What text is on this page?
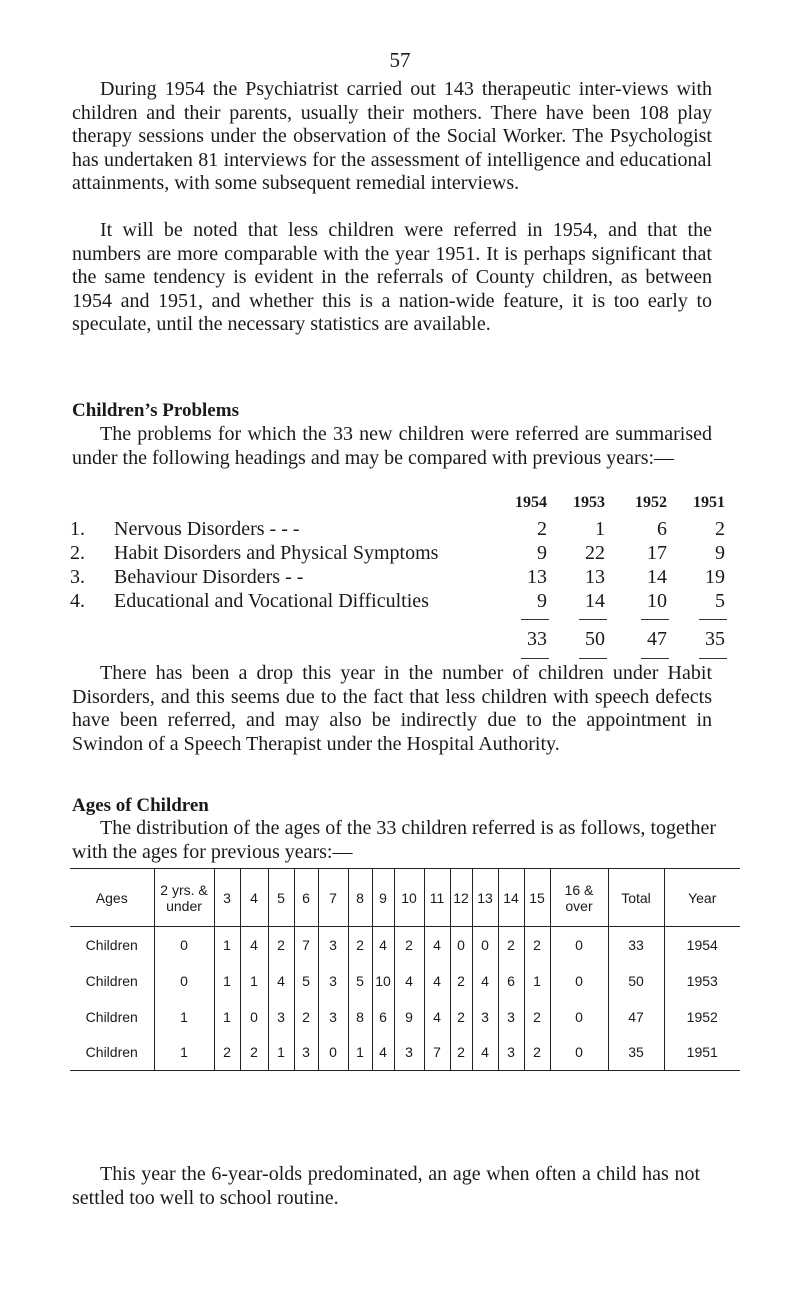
57

During 1954 the Psychiatrist carried out 143 therapeutic inter-views with children and their parents, usually their mothers. There have been 108 play therapy sessions under the observation of the Social Worker. The Psychologist has undertaken 81 interviews for the assessment of intelligence and educational attainments, with some subsequent remedial interviews.

It will be noted that less children were referred in 1954, and that the numbers are more comparable with the year 1951. It is perhaps significant that the same tendency is evident in the referrals of County children, as between 1954 and 1951, and whether this is a nation-wide feature, it is too early to speculate, until the necessary statistics are available.

Children’s Problems

The problems for which the 33 new children were referred are summarised under the following headings and may be compared with previous years:—

1954	1953	1952	1951
1. Nervous Disorders - - -	2	1	6	2
2. Habit Disorders and Physical Symptoms	9	22	17	9
3. Behaviour Disorders - -	13	13	14	19
4. Educational and Vocational Difficulties	9	14	10	5
33	50	47	35

There has been a drop this year in the number of children under Habit Disorders, and this seems due to the fact that less children with speech defects have been referred, and may also be indirectly due to the appointment in Swindon of a Speech Therapist under the Hospital Authority.

Ages of Children

The distribution of the ages of the 33 children referred is as follows, together with the ages for previous years:—

Ages	2 yrs. & under	3	4	5	6	7	8	9	10	11	12	13	14	15	16 & over	Total	Year
Children	0	1	4	2	7	3	2	4	2	4	0	0	2	2	0	33	1954
Children	0	1	1	4	5	3	5	10	4	4	2	4	6	1	0	50	1953
Children	1	1	0	3	2	3	8	6	9	4	2	3	3	2	0	47	1952
Children	1	2	2	1	3	0	1	4	3	7	2	4	3	2	0	35	1951

This year the 6-year-olds predominated, an age when often a child has not settled too well to school routine.
